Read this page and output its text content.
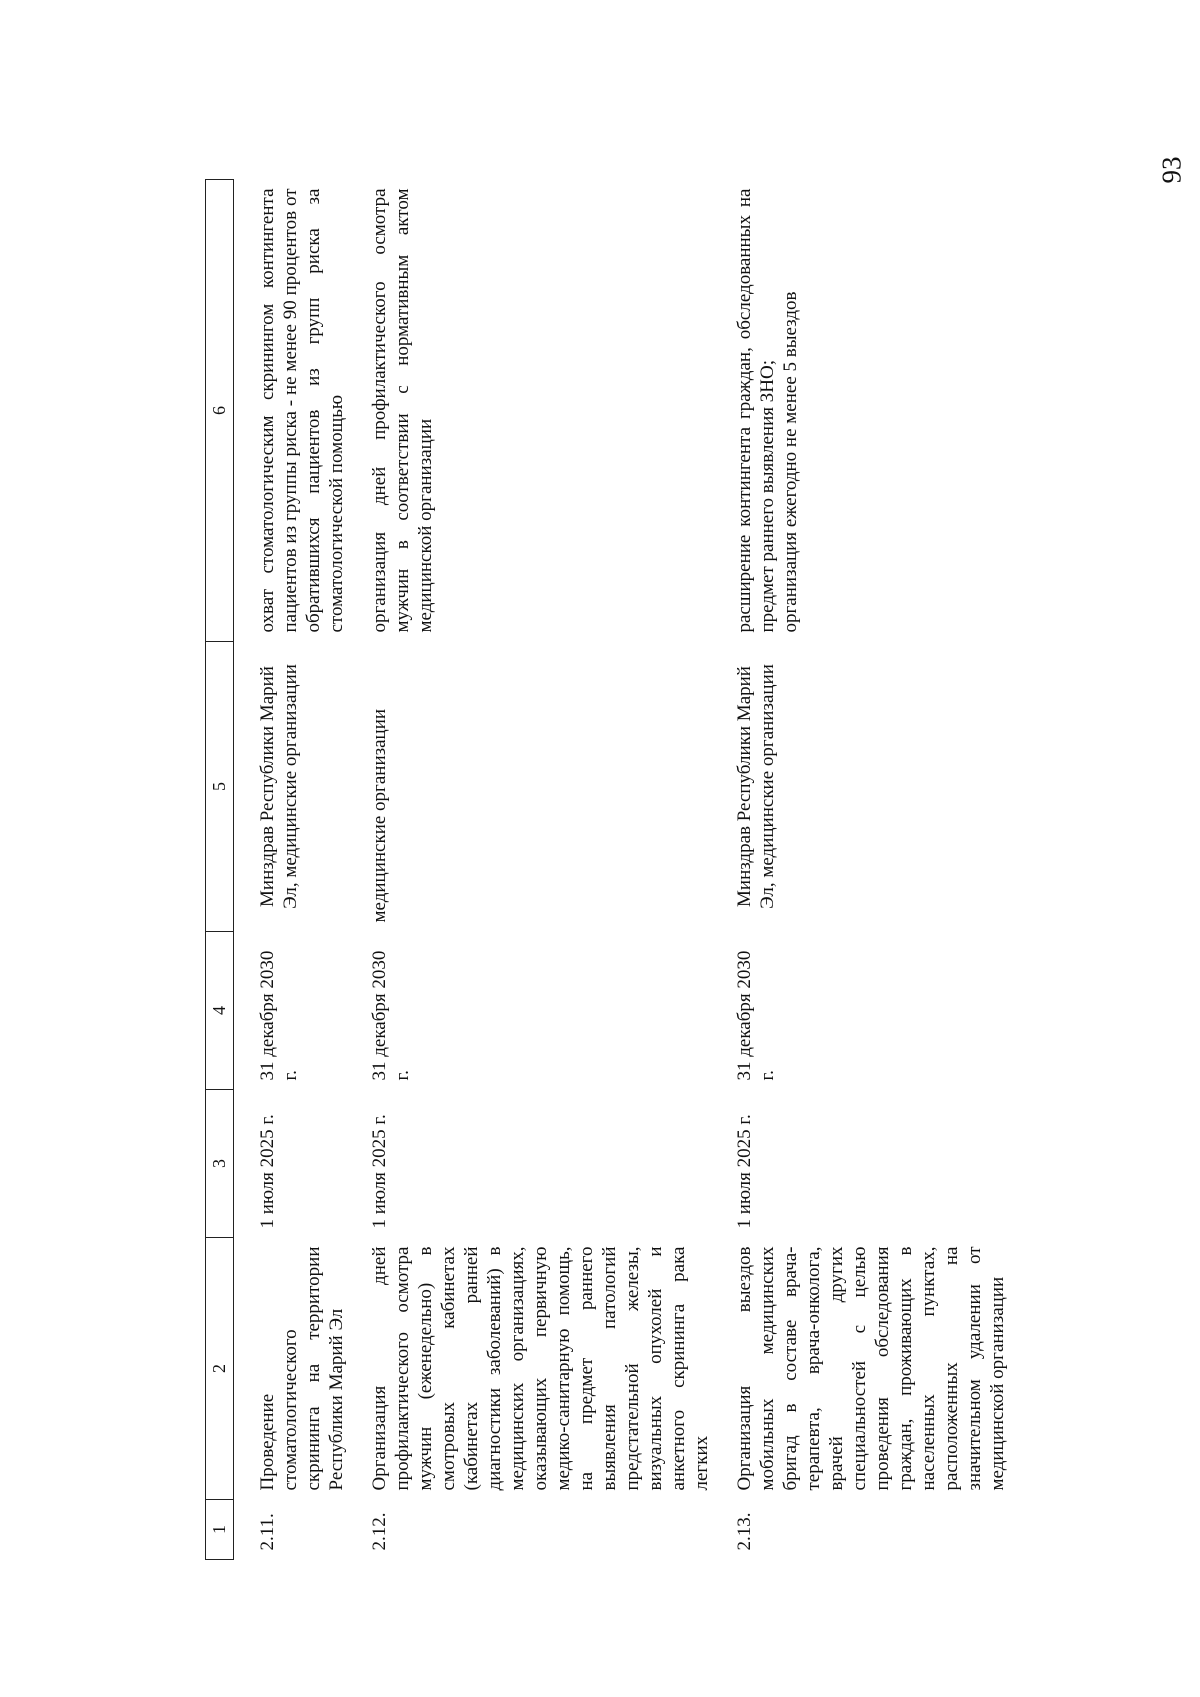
93
1	2	3	4	5	6
2.11.	Проведение стоматологического скрининга на территории Республики Марий Эл	1 июля 2025 г.	31 декабря 2030 г.	Минздрав Республики Марий Эл, медицинские организации	охват стоматологическим скринингом контингента пациентов из группы риска - не менее 90 процентов от обратившихся пациентов из групп риска за стоматологической помощью
2.12.	Организация дней профилактического осмотра мужчин (еженедельно) в смотровых кабинетах (кабинетах ранней диагностики заболеваний) в медицинских организациях, оказывающих первичную медико-санитарную помощь, на предмет раннего выявления патологий предстательной железы, визуальных опухолей и анкетного скрининга рака легких	1 июля 2025 г.	31 декабря 2030 г.	медицинские организации	организация дней профилактического осмотра мужчин в соответствии с нормативным актом медицинской организации
2.13.	Организация выездов мобильных медицинских бригад в составе врача-терапевта, врача-онколога, врачей других специальностей с целью проведения обследования граждан, проживающих в населенных пунктах, расположенных на значительном удалении от медицинской организации	1 июля 2025 г.	31 декабря 2030 г.	Минздрав Республики Марий Эл, медицинские организации	расширение контингента граждан, обследованных на предмет раннего выявления ЗНО; организация ежегодно не менее 5 выездов
